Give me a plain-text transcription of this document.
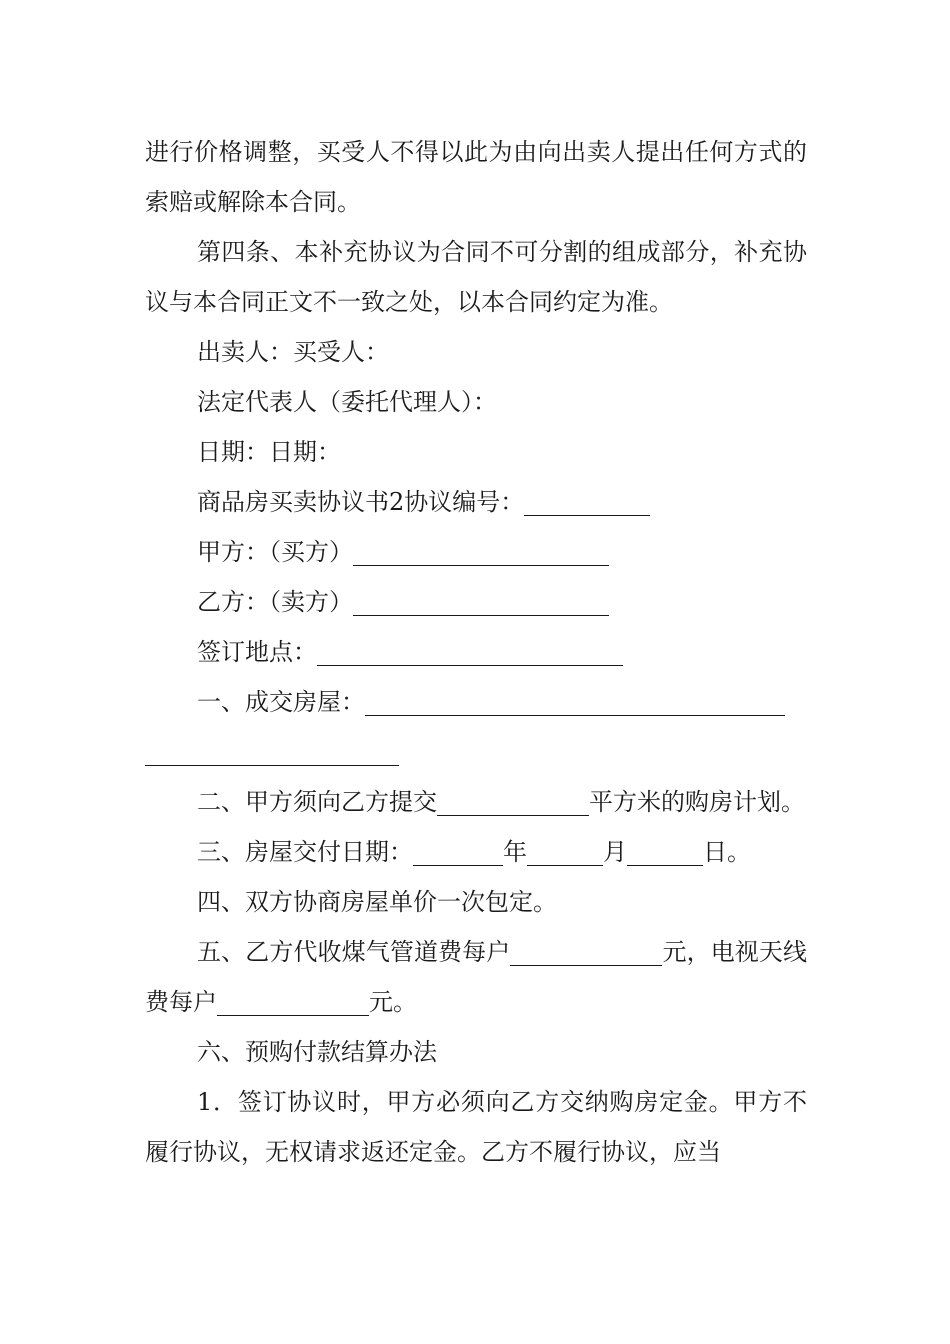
进行价格调整，买受人不得以此为由向出卖人提出任何方式的索赔或解除本合同。

第四条、本补充协议为合同不可分割的组成部分，补充协议与本合同正文不一致之处，以本合同约定为准。

出卖人：买受人：

法定代表人（委托代理人）：

日期：日期：

商品房买卖协议书2协议编号：

甲方：（买方）

乙方：（卖方）

签订地点：

一、成交房屋：

二、甲方须向乙方提交	平方米的购房计划。

三、房屋交付日期：	年	月	日。

四、双方协商房屋单价一次包定。

五、乙方代收煤气管道费每户	元，电视天线费每户	元。

六、预购付款结算办法

1．签订协议时，甲方必须向乙方交纳购房定金。甲方不履行协议，无权请求返还定金。乙方不履行协议，应当
